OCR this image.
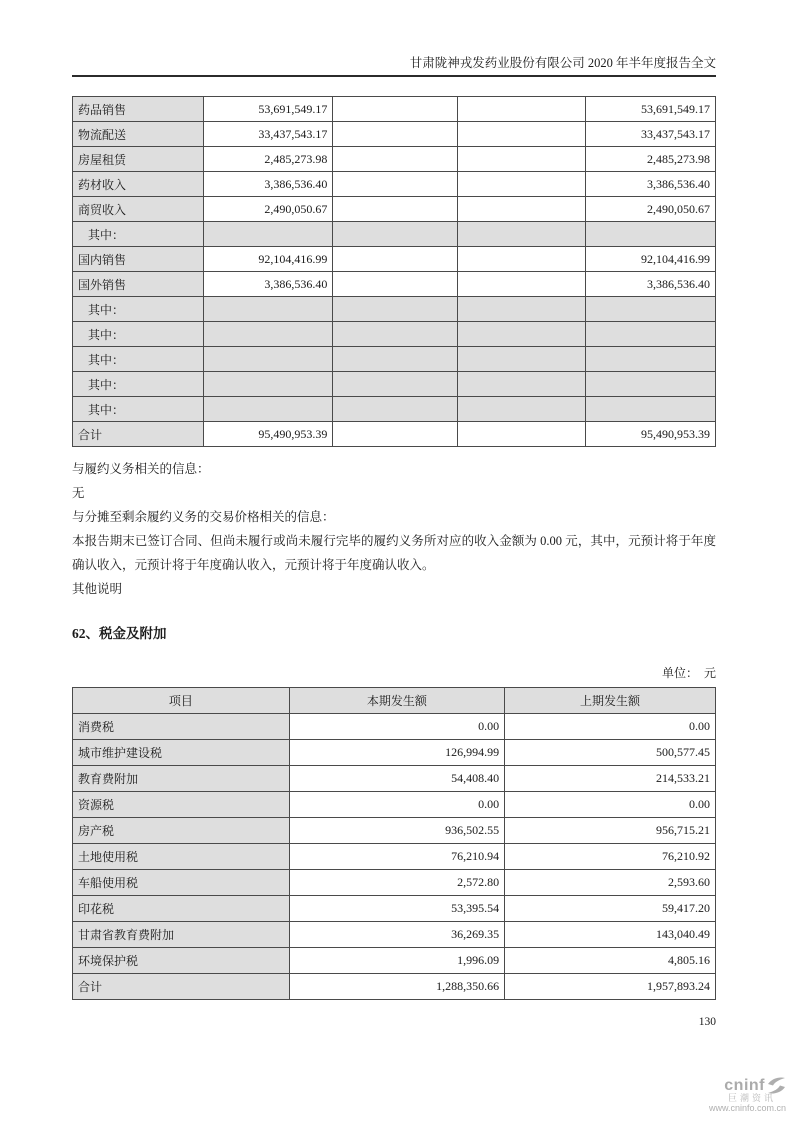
甘肃陇神戎发药业股份有限公司 2020 年半年度报告全文
药品销售	53,691,549.17			53,691,549.17
物流配送	33,437,543.17			33,437,543.17
房屋租赁	2,485,273.98			2,485,273.98
药材收入	3,386,536.40			3,386,536.40
商贸收入	2,490,050.67			2,490,050.67
其中：				
国内销售	92,104,416.99			92,104,416.99
国外销售	3,386,536.40			3,386,536.40
其中：				
其中：				
其中：				
其中：				
其中：				
合计	95,490,953.39			95,490,953.39
与履约义务相关的信息：
无
与分摊至剩余履约义务的交易价格相关的信息：
本报告期末已签订合同、但尚未履行或尚未履行完毕的履约义务所对应的收入金额为 0.00 元，其中，元预计将于年度确认收入，元预计将于年度确认收入，元预计将于年度确认收入。
其他说明
62、税金及附加
单位：　元
项目	本期发生额	上期发生额
消费税	0.00	0.00
城市维护建设税	126,994.99	500,577.45
教育费附加	54,408.40	214,533.21
资源税	0.00	0.00
房产税	936,502.55	956,715.21
土地使用税	76,210.94	76,210.92
车船使用税	2,572.80	2,593.60
印花税	53,395.54	59,417.20
甘肃省教育费附加	36,269.35	143,040.49
环境保护税	1,996.09	4,805.16
合计	1,288,350.66	1,957,893.24
130
cninf
巨潮资讯
www.cninfo.com.cn
